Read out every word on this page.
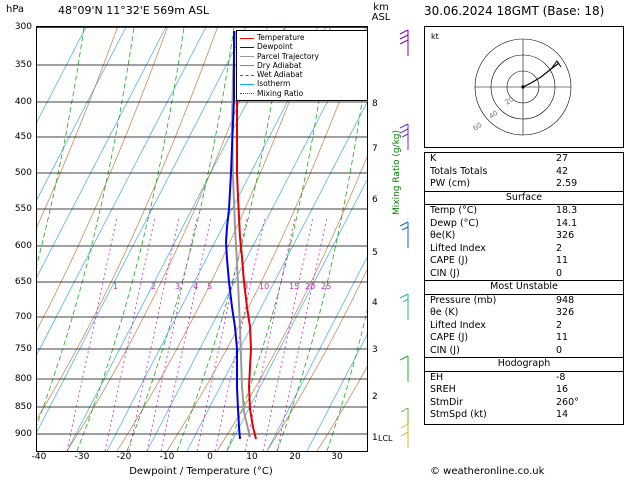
hPa	48°09'N 11°32'E 569m ASL	km
ASL	30.06.2024 18GMT (Base: 18)
1	2 3 4 5	8 10 15 20 25
Temperature
Dewpoint
Parcel Trajectory
Dry Adiabat
Wet Adiabat
Isotherm
Mixing Ratio
300
350
400
450
500
550
600
650
700
750
800
850
900
8
7
6
5
4
3
2
1 LCL
Mixing Ratio (g/kg)
-40	-30	-20	-10	0	10	20	30
Dewpoint / Temperature (°C)
kt
20
40
60
K	27
Totals Totals	42
PW (cm)	2.59
Surface
Temp (°C)	18.3
Dewp (°C)	14.1
θe(K)	326
Lifted Index	2
CAPE (J)	11
CIN (J)	0
Most Unstable
Pressure (mb)	948
θe (K)	326
Lifted Index	2
CAPE (J)	11
CIN (J)	0
Hodograph
EH	-8
SREH	16
StmDir	260°
StmSpd (kt)	14
© weatheronline.co.uk
